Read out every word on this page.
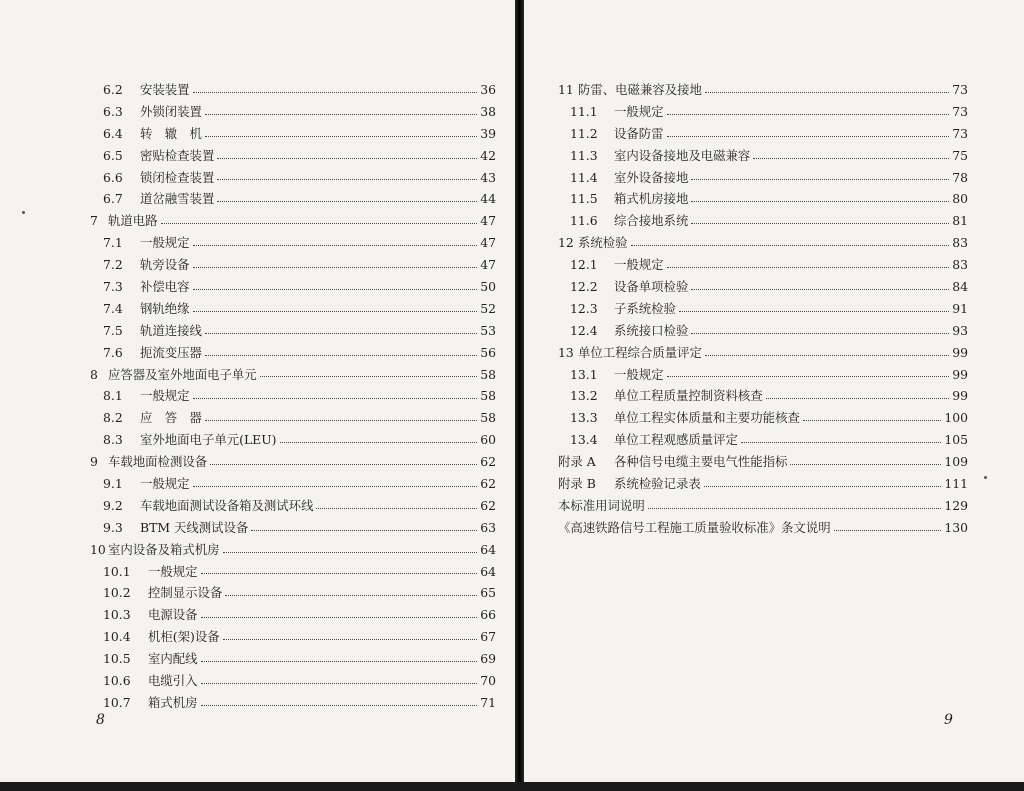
6.2	安装装置	36
6.3	外锁闭装置	38
6.4	转　辙　机	39
6.5	密贴检查装置	42
6.6	锁闭检查装置	43
6.7	道岔融雪装置	44
7 轨道电路	47
7.1	一般规定	47
7.2	轨旁设备	47
7.3	补偿电容	50
7.4	钢轨绝缘	52
7.5	轨道连接线	53
7.6	扼流变压器	56
8 应答器及室外地面电子单元	58
8.1	一般规定	58
8.2	应　答　器	58
8.3	室外地面电子单元(LEU)	60
9 车载地面检测设备	62
9.1	一般规定	62
9.2	车载地面测试设备箱及测试环线	62
9.3	BTM 天线测试设备	63
10 室内设备及箱式机房	64
10.1	一般规定	64
10.2	控制显示设备	65
10.3	电源设备	66
10.4	机柜(架)设备	67
10.5	室内配线	69
10.6	电缆引入	70
10.7	箱式机房	71
8
11 防雷、电磁兼容及接地	73
11.1	一般规定	73
11.2	设备防雷	73
11.3	室内设备接地及电磁兼容	75
11.4	室外设备接地	78
11.5	箱式机房接地	80
11.6	综合接地系统	81
12 系统检验	83
12.1	一般规定	83
12.2	设备单项检验	84
12.3	子系统检验	91
12.4	系统接口检验	93
13 单位工程综合质量评定	99
13.1	一般规定	99
13.2	单位工程质量控制资料核查	99
13.3	单位工程实体质量和主要功能核查	100
13.4	单位工程观感质量评定	105
附录 A	各种信号电缆主要电气性能指标	109
附录 B	系统检验记录表	111
本标准用词说明	129
《高速铁路信号工程施工质量验收标准》条文说明	130
9
